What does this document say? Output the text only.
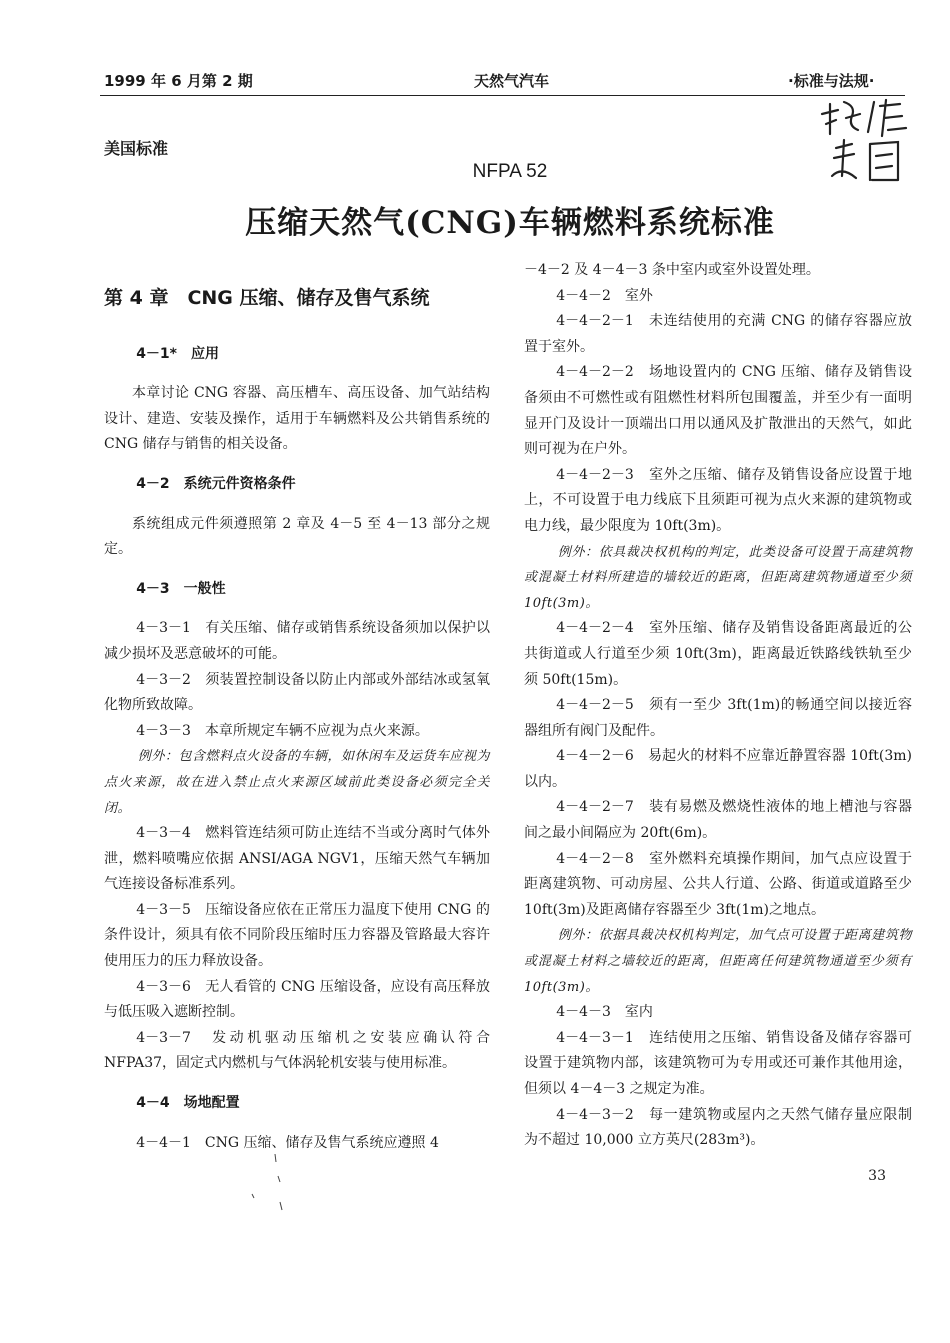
1999 年 6 月第 2 期	天然气汽车	·标准与法规·
美国标准
NFPA 52
压缩天然气(CNG)车辆燃料系统标准

第 4 章　CNG 压缩、储存及售气系统

4－1*　应用

本章讨论 CNG 容器、高压槽车、高压设备、加气站结构设计、建造、安装及操作，适用于车辆燃料及公共销售系统的 CNG 储存与销售的相关设备。

4－2　系统元件资格条件

系统组成元件须遵照第 2 章及 4－5 至 4－13 部分之规定。

4－3　一般性

4－3－1　有关压缩、储存或销售系统设备须加以保护以减少损坏及恶意破坏的可能。

4－3－2　须装置控制设备以防止内部或外部结冰或氢氧化物所致故障。

4－3－3　本章所规定车辆不应视为点火来源。

例外：包含燃料点火设备的车辆，如休闲车及运货车应视为点火来源，故在进入禁止点火来源区域前此类设备必须完全关闭。

4－3－4　燃料管连结须可防止连结不当或分离时气体外泄，燃料喷嘴应依据 ANSI/AGA NGV1，压缩天然气车辆加气连接设备标准系列。

4－3－5　压缩设备应依在正常压力温度下使用 CNG 的条件设计，须具有依不同阶段压缩时压力容器及管路最大容许使用压力的压力释放设备。

4－3－6　无人看管的 CNG 压缩设备，应设有高压释放与低压吸入遮断控制。

4－3－7　发动机驱动压缩机之安装应确认符合 NFPA37，固定式内燃机与气体涡轮机安装与使用标准。

4－4　场地配置

4－4－1　CNG 压缩、储存及售气系统应遵照 4

－4－2 及 4－4－3 条中室内或室外设置处理。

4－4－2　室外

4－4－2－1　未连结使用的充满 CNG 的储存容器应放置于室外。

4－4－2－2　场地设置内的 CNG 压缩、储存及销售设备须由不可燃性或有阻燃性材料所包围覆盖，并至少有一面明显开门及设计一顶端出口用以通风及扩散泄出的天然气，如此则可视为在户外。

4－4－2－3　室外之压缩、储存及销售设备应设置于地上，不可设置于电力线底下且须距可视为点火来源的建筑物或电力线，最少限度为 10ft(3m)。

例外：依具裁决权机构的判定，此类设备可设置于高建筑物或混凝土材料所建造的墙较近的距离，但距离建筑物通道至少须 10ft(3m)。

4－4－2－4　室外压缩、储存及销售设备距离最近的公共街道或人行道至少须 10ft(3m)，距离最近铁路线铁轨至少须 50ft(15m)。

4－4－2－5　须有一至少 3ft(1m)的畅通空间以接近容器组所有阀门及配件。

4－4－2－6　易起火的材料不应靠近静置容器 10ft(3m)以内。

4－4－2－7　装有易燃及燃烧性液体的地上槽池与容器间之最小间隔应为 20ft(6m)。

4－4－2－8　室外燃料充填操作期间，加气点应设置于距离建筑物、可动房屋、公共人行道、公路、街道或道路至少 10ft(3m)及距离储存容器至少 3ft(1m)之地点。

例外：依据具裁决权机构判定，加气点可设置于距离建筑物或混凝土材料之墙较近的距离，但距离任何建筑物通道至少须有 10ft(3m)。

4－4－3　室内

4－4－3－1　连结使用之压缩、销售设备及储存容器可设置于建筑物内部，该建筑物可为专用或还可兼作其他用途，但须以 4－4－3 之规定为准。

4－4－3－2　每一建筑物或屋内之天然气储存量应限制为不超过 10,000 立方英尺(283m³)。

33
